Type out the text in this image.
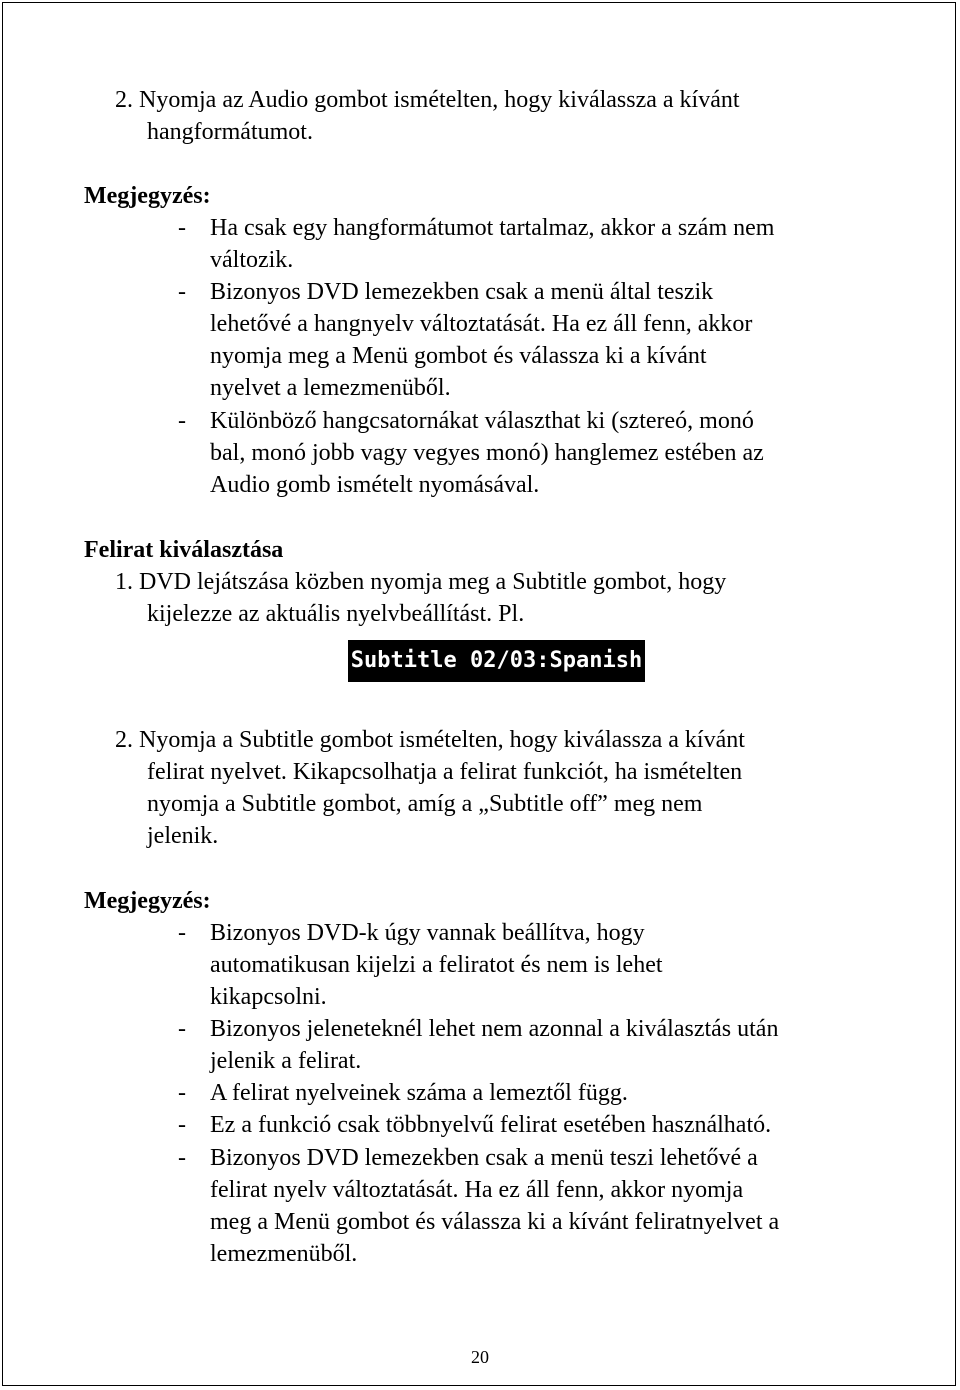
2. Nyomja az Audio gombot ismételten, hogy kiválassza a kívánt
hangformátumot.
Megjegyzés:
- Ha csak egy hangformátumot tartalmaz, akkor a szám nem
változik.
- Bizonyos DVD lemezekben csak a menü által teszik
lehetővé a hangnyelv változtatását. Ha ez áll fenn, akkor
nyomja meg a Menü gombot és válassza ki a kívánt
nyelvet a lemezmenüből.
- Különböző hangcsatornákat választhat ki (sztereó, monó
bal, monó jobb vagy vegyes monó) hanglemez estében az
Audio gomb ismételt nyomásával.
Felirat kiválasztása
1. DVD lejátszása közben nyomja meg a Subtitle gombot, hogy
kijelezze az aktuális nyelvbeállítást. Pl.
Subtitle 02/03:Spanish
2. Nyomja a Subtitle gombot ismételten, hogy kiválassza a kívánt
felirat nyelvet. Kikapcsolhatja a felirat funkciót, ha ismételten
nyomja a Subtitle gombot, amíg a „Subtitle off” meg nem
jelenik.
Megjegyzés:
- Bizonyos DVD-k úgy vannak beállítva, hogy
automatikusan kijelzi a feliratot és nem is lehet
kikapcsolni.
- Bizonyos jeleneteknél lehet nem azonnal a kiválasztás után
jelenik a felirat.
- A felirat nyelveinek száma a lemeztől függ.
- Ez a funkció csak többnyelvű felirat esetében használható.
- Bizonyos DVD lemezekben csak a menü teszi lehetővé a
felirat nyelv változtatását. Ha ez áll fenn, akkor nyomja
meg a Menü gombot és válassza ki a kívánt feliratnyelvet a
lemezmenüből.
20
